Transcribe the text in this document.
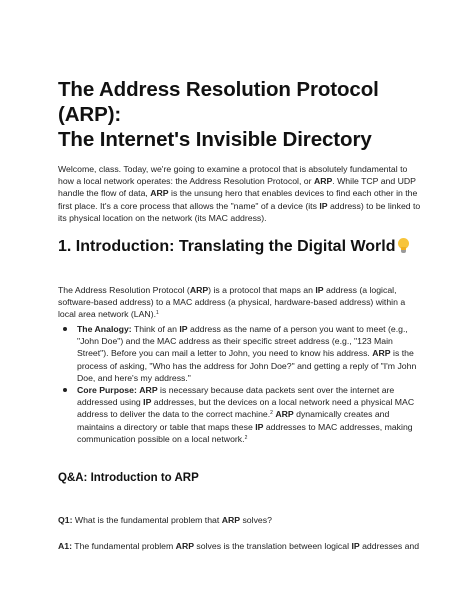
The Address Resolution Protocol (ARP):
The Internet's Invisible Directory

Welcome, class. Today, we're going to examine a protocol that is absolutely fundamental to how a local network operates: the Address Resolution Protocol, or ARP. While TCP and UDP handle the flow of data, ARP is the unsung hero that enables devices to find each other in the first place. It's a core process that allows the "name" of a device (its IP address) to be linked to its physical location on the network (its MAC address).

1. Introduction: Translating the Digital World

The Address Resolution Protocol (ARP) is a protocol that maps an IP address (a logical, software-based address) to a MAC address (a physical, hardware-based address) within a local area network (LAN).$^1$

The Analogy: Think of an IP address as the name of a person you want to meet (e.g., "John Doe") and the MAC address as their specific street address (e.g., "123 Main Street"). Before you can mail a letter to John, you need to know his address. ARP is the process of asking, "Who has the address for John Doe?" and getting a reply of "I'm John Doe, and here's my address."
Core Purpose: ARP is necessary because data packets sent over the internet are addressed using IP addresses, but the devices on a local network need a physical MAC address to deliver the data to the correct machine.$^2$ ARP dynamically creates and maintains a directory or table that maps these IP addresses to MAC addresses, making communication possible on a local network.$^2$
Q&A: Introduction to ARP

Q1: What is the fundamental problem that ARP solves?

A1: The fundamental problem ARP solves is the translation between logical IP addresses and
